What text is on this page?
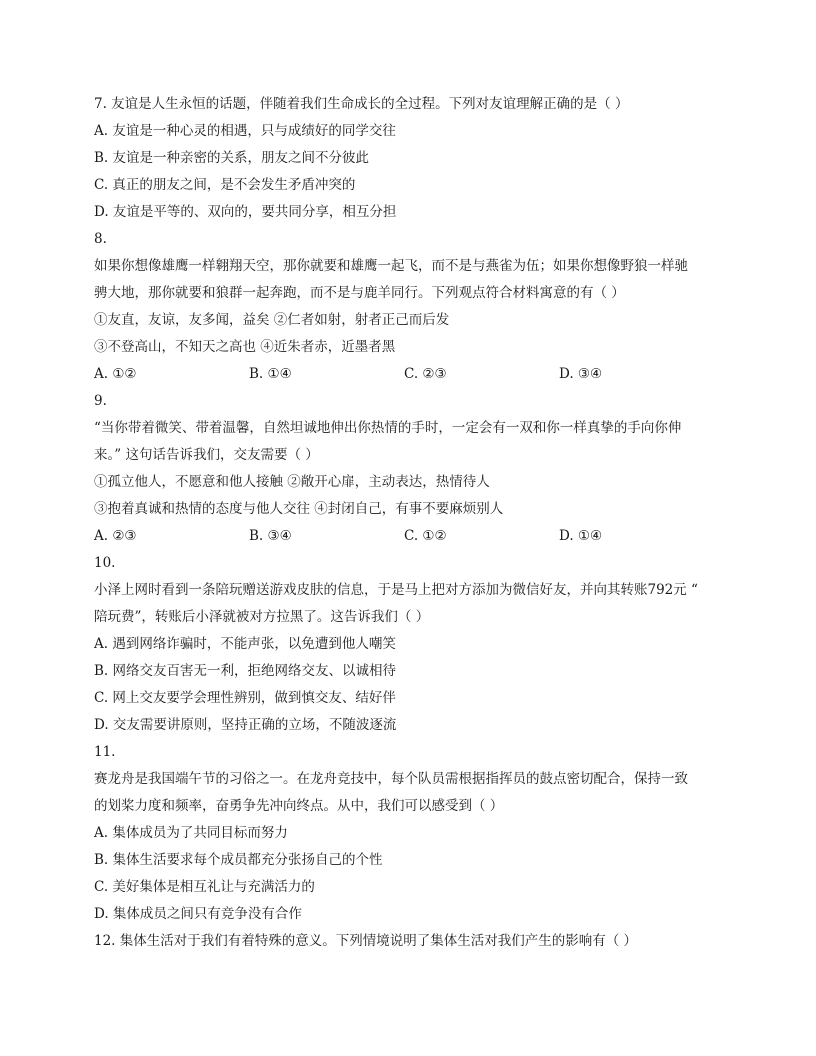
7. 友谊是人生永恒的话题，伴随着我们生命成长的全过程。下列对友谊理解正确的是（ ）
A. 友谊是一种心灵的相遇，只与成绩好的同学交往
B. 友谊是一种亲密的关系，朋友之间不分彼此
C. 真正的朋友之间，是不会发生矛盾冲突的
D. 友谊是平等的、双向的，要共同分享，相互分担
8.
如果你想像雄鹰一样翱翔天空，那你就要和雄鹰一起飞，而不是与燕雀为伍；如果你想像野狼一样驰
骋大地，那你就要和狼群一起奔跑，而不是与鹿羊同行。下列观点符合材料寓意的有（ ）
①友直，友谅，友多闻，益矣 ②仁者如射，射者正己而后发
③不登高山，不知天之高也 ④近朱者赤，近墨者黑
A. ①②	B. ①④	C. ②③	D. ③④
9.
“当你带着微笑、带着温馨，自然坦诚地伸出你热情的手时，一定会有一双和你一样真挚的手向你伸
来。” 这句话告诉我们，交友需要（ ）
①孤立他人，不愿意和他人接触 ②敞开心扉，主动表达，热情待人
③抱着真诚和热情的态度与他人交往 ④封闭自己，有事不要麻烦别人
A. ②③	B. ③④	C. ①②	D. ①④
10.
小泽上网时看到一条陪玩赠送游戏皮肤的信息，于是马上把对方添加为微信好友，并向其转账792元 “
陪玩费”，转账后小泽就被对方拉黑了。这告诉我们（ ）
A. 遇到网络诈骗时，不能声张，以免遭到他人嘲笑
B. 网络交友百害无一利，拒绝网络交友、以诚相待
C. 网上交友要学会理性辨别，做到慎交友、结好伴
D. 交友需要讲原则，坚持正确的立场，不随波逐流
11.
赛龙舟是我国端午节的习俗之一。在龙舟竞技中，每个队员需根据指挥员的鼓点密切配合，保持一致
的划桨力度和频率，奋勇争先冲向终点。从中，我们可以感受到（ ）
A. 集体成员为了共同目标而努力
B. 集体生活要求每个成员都充分张扬自己的个性
C. 美好集体是相互礼让与充满活力的
D. 集体成员之间只有竞争没有合作
12. 集体生活对于我们有着特殊的意义。下列情境说明了集体生活对我们产生的影响有（ ）
